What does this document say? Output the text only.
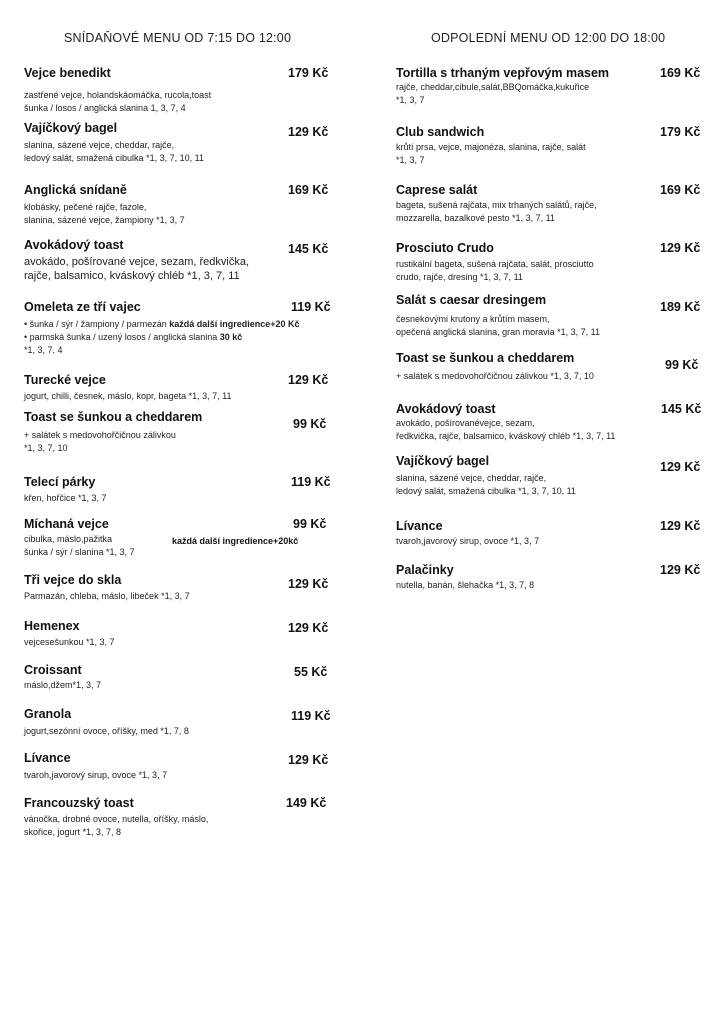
SNÍDAŇOVÉ MENU OD 7:15 DO 12:00	ODPOLEDNÍ MENU OD 12:00 DO 18:00
Vejce benedikt
zastřené vejce, holandskáomáčka, rucola,toast
šunka / losos / anglická slanina 1, 3, 7, 4
179 Kč
Vajíčkový bagel
slanina, sázené vejce, cheddar, rajče,
ledový salát, smažená cibulka *1, 3, 7, 10, 11
129 Kč
Anglická snídaně
klobásky, pečené rajče, fazole,
slanina, sázené vejce, žampiony *1, 3, 7
169 Kč
Avokádový toast
avokádo, pošírované vejce, sezam, ředkvička,
rajče, balsamico, kváskový chléb *1, 3, 7, 11
145 Kč
Omeleta ze tří vajec
• šunka / sýr / žampiony / parmezán každá další ingredience+20 Kč
• parmská šunka / uzený losos / anglická slanina 30 kč
*1, 3, 7, 4
119 Kč
Turecké vejce
jogurt, chilli, česnek, máslo, kopr, bageta *1, 3, 7, 11
129 Kč
Toast se šunkou a cheddarem
+ salátek s medovohořčičnou zálivkou
*1, 3, 7, 10
99 Kč
Telecí párky
křen, hořčice *1, 3, 7
119 Kč
Míchaná vejce
cibulka, máslo,pažitka
šunka / sýr / slanina *1, 3, 7
99 Kč
každá další ingredience+20kč
Tři vejce do skla
Parmazán, chleba, máslo, libeček *1, 3, 7
129 Kč
Hemenex
vejcesešunkou *1, 3, 7
129 Kč
Croissant
máslo,džem*1, 3, 7
55 Kč
Granola
jogurt,sezónní ovoce, oříšky, med *1, 7, 8
119 Kč
Lívance
tvaroh,javorový sirup, ovoce *1, 3, 7
129 Kč
Francouzský toast
vánočka, drobné ovoce, nutella, oříšky, máslo,
skořice, jogurt *1, 3, 7, 8
149 Kč
Tortilla s trhaným vepřovým masem
rajče, cheddar,cibule,salát,BBQomáčka,kukuřice
*1, 3, 7
169 Kč
Club sandwich
krůtí prsa, vejce, majonéza, slanina, rajče, salát
*1, 3, 7
179 Kč
Caprese salát
bageta, sušená rajčata, mix trhaných salátů, rajče,
mozzarella, bazalkové pesto *1, 3, 7, 11
169 Kč
Prosciuto Crudo
rustikální bageta, sušená rajčata, salát, prosciutto
crudo, rajče, dresing *1, 3, 7, 11
129 Kč
Salát s caesar dresingem
česnekovými krutony a krůtím masem,
opečená anglická slanina, gran moravia *1, 3, 7, 11
189 Kč
Toast se šunkou a cheddarem
+ salátek s medovohořčičnou zálivkou *1, 3, 7, 10
99 Kč
Avokádový toast
avokádo, pošírovanévejce, sezam,
ředkvička, rajče, balsamico, kváskový chléb *1, 3, 7, 11
145 Kč
Vajíčkový bagel
slanina, sázené vejce, cheddar, rajče,
ledový salát, smažená cibulka *1, 3, 7, 10, 11
129 Kč
Lívance
tvaroh,javorový sirup, ovoce *1, 3, 7
129 Kč
Palačinky
nutella, banán, šlehačka *1, 3, 7, 8
129 Kč
